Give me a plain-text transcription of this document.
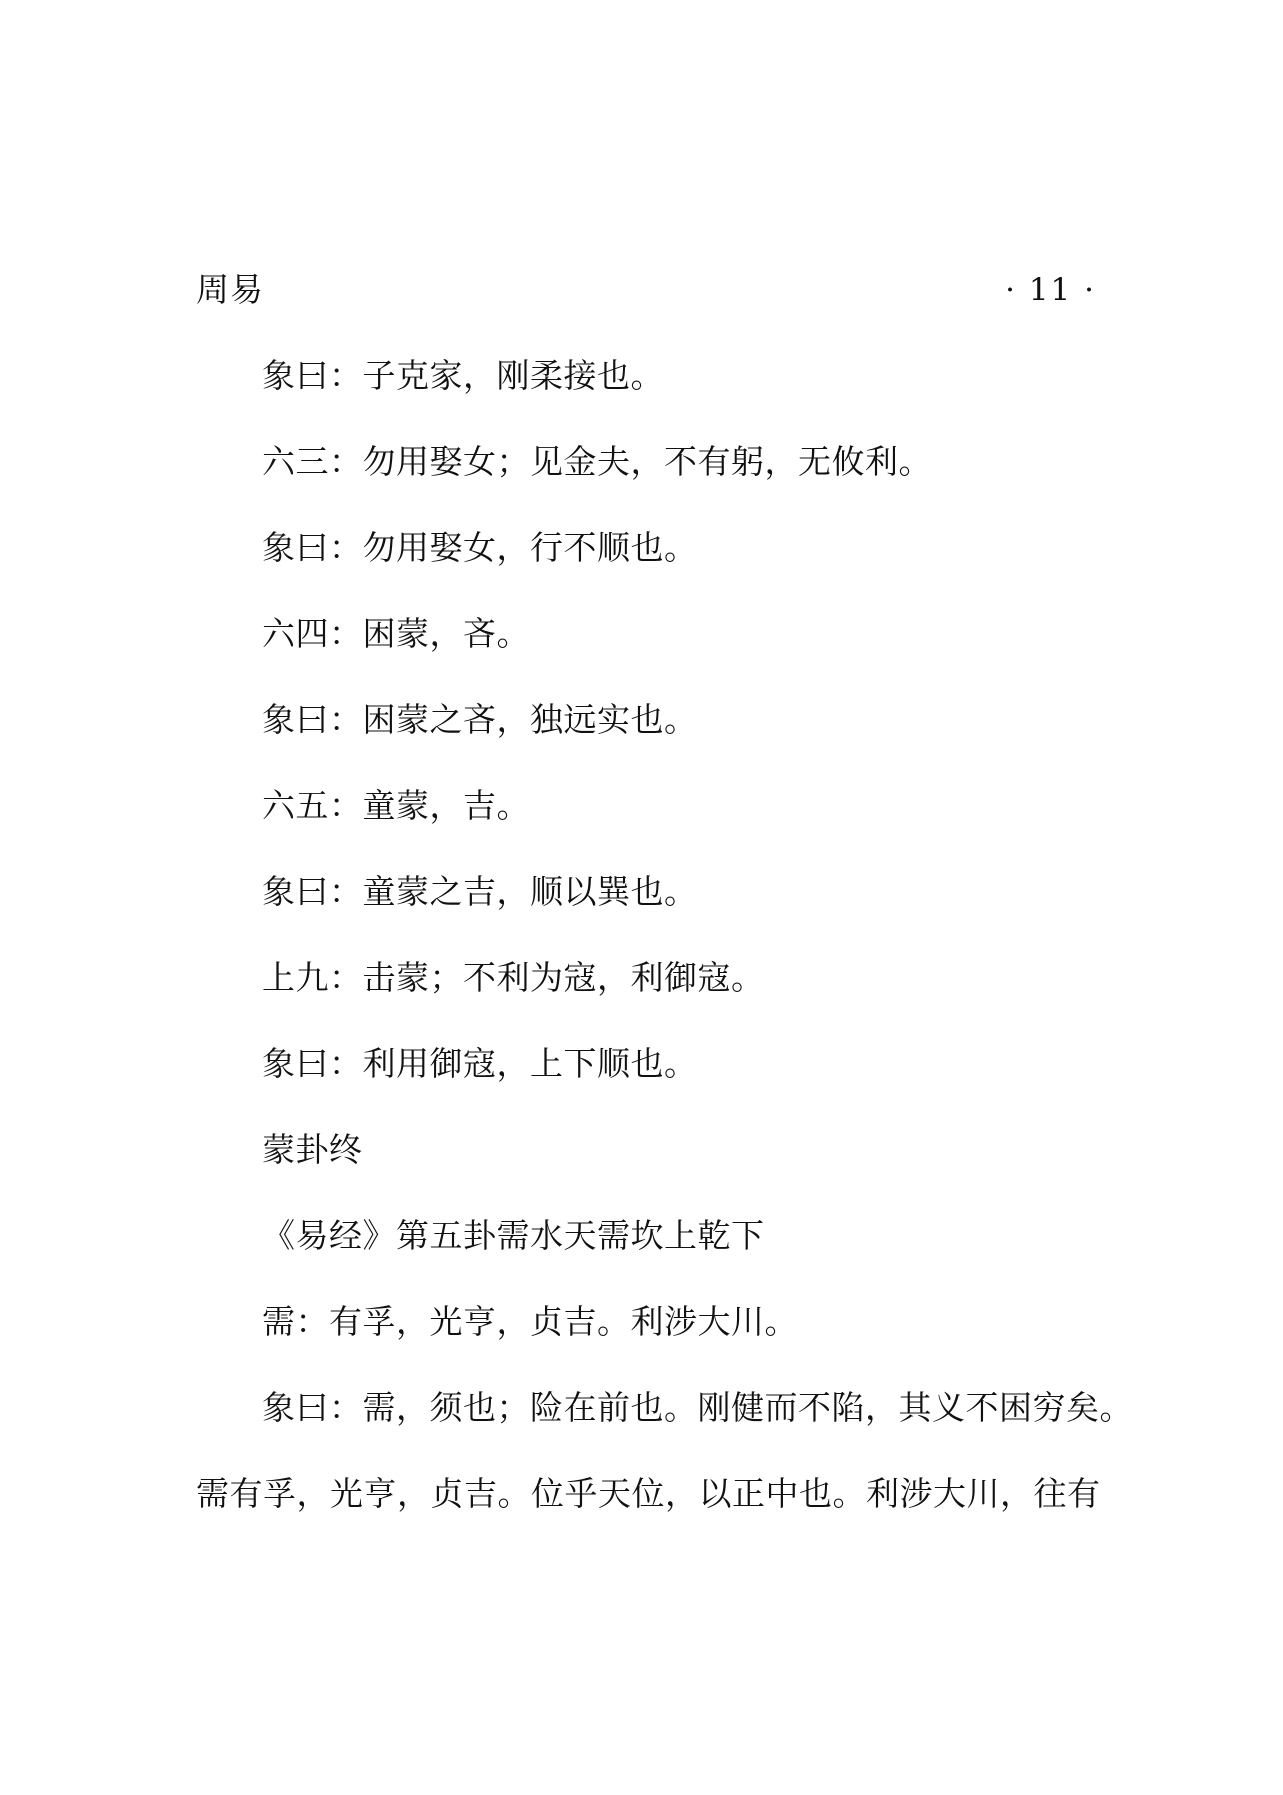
周易	· 11 ·

象曰：子克家，刚柔接也。

六三：勿用娶女；见金夫，不有躬，无攸利。

象曰：勿用娶女，行不顺也。

六四：困蒙，吝。

象曰：困蒙之吝，独远实也。

六五：童蒙，吉。

象曰：童蒙之吉，顺以巽也。

上九：击蒙；不利为寇，利御寇。

象曰：利用御寇，上下顺也。

蒙卦终

《易经》第五卦需水天需坎上乾下

需：有孚，光亨，贞吉。利涉大川。

象曰：需，须也；险在前也。刚健而不陷，其义不困穷矣。
需有孚，光亨，贞吉。位乎天位，以正中也。利涉大川，往有
